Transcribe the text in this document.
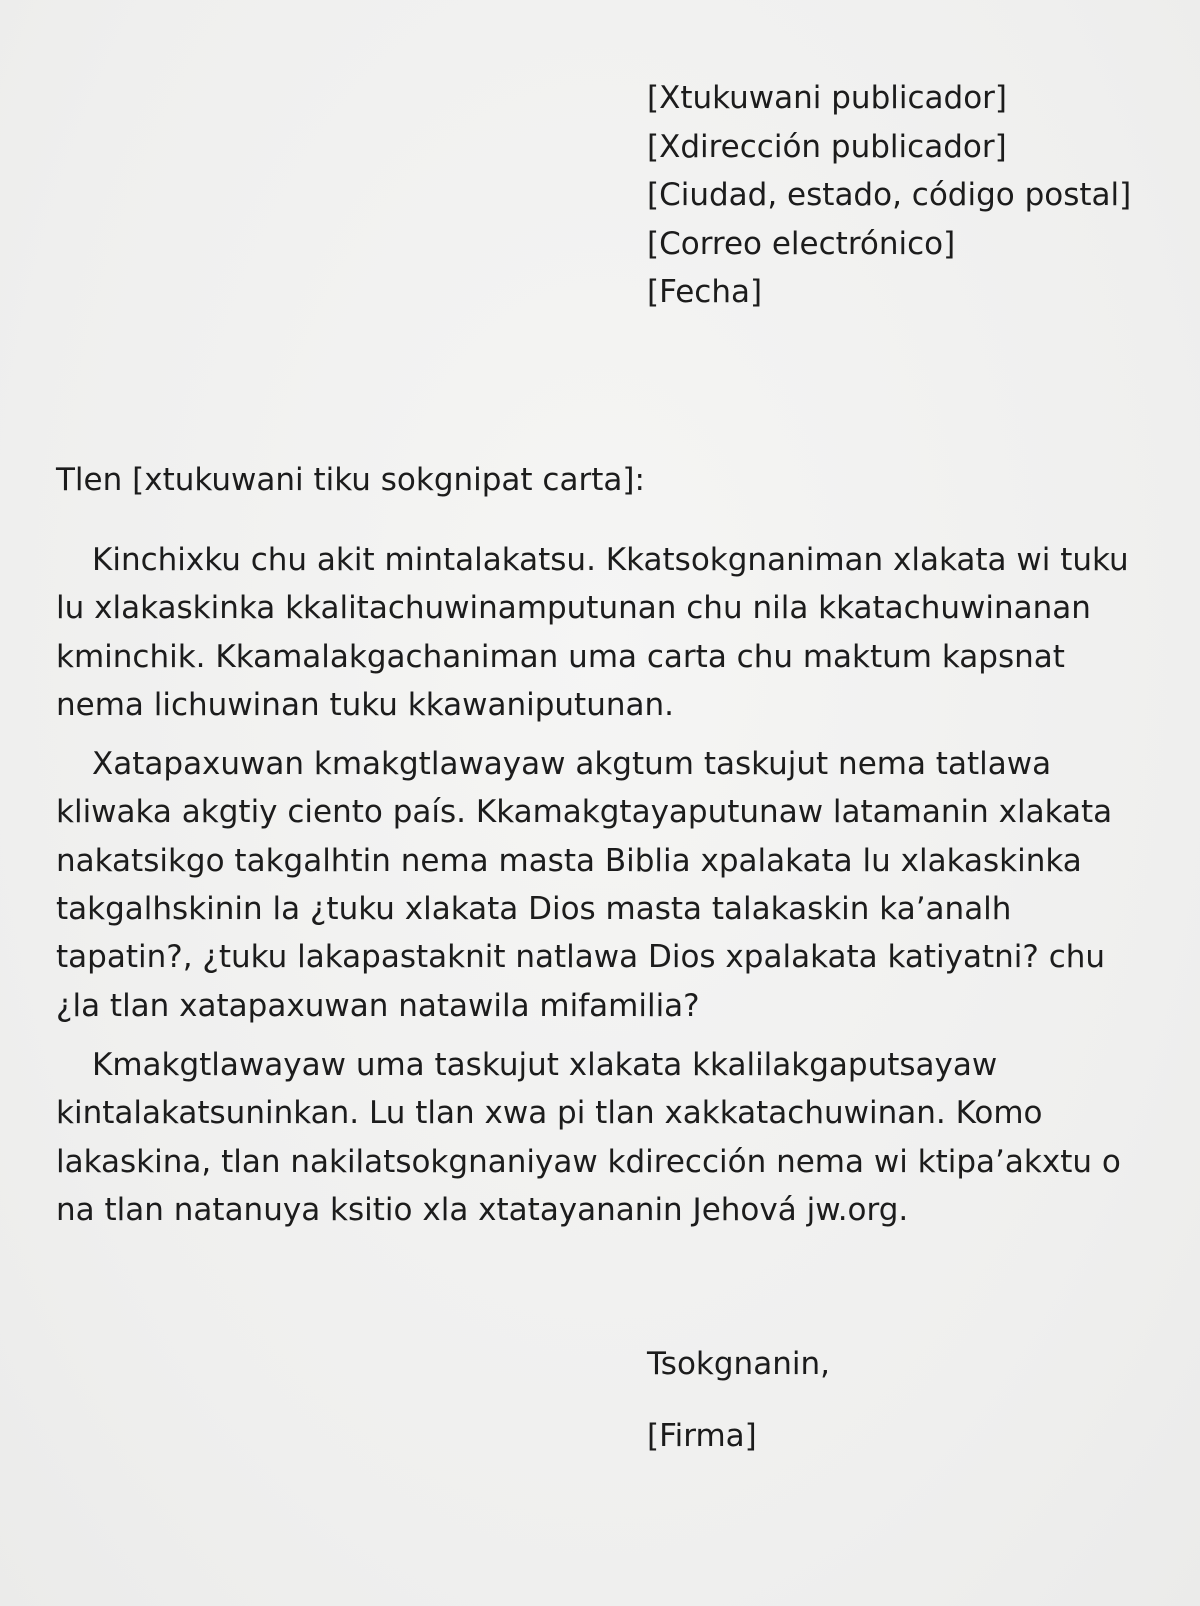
[Xtukuwani publicador]
[Xdirección publicador]
[Ciudad, estado, código postal]
[Correo electrónico]
[Fecha]
Tlen [xtukuwani tiku sokgnipat carta]:

Kinchixku chu akit mintalakatsu. Kkatsokgnaniman xlakata wi tuku lu xlakaskinka kkalitachuwinamputunan chu nila kkatachuwinanan kminchik. Kkamalakgachaniman uma carta chu maktum kapsnat nema lichuwinan tuku kkawaniputunan.

Xatapaxuwan kmakgtlawayaw akgtum taskujut nema tatlawa kliwaka akgtiy ciento país. Kkamakgtayaputunaw latamanin xlakata nakatsikgo takgalhtin nema masta Biblia xpalakata lu xlakaskinka takgalhskinin la ¿tuku xlakata Dios masta talakaskin ka’analh tapatin?, ¿tuku lakapastaknit natlawa Dios xpalakata katiyatni? chu ¿la tlan xatapaxuwan natawila mifamilia?

Kmakgtlawayaw uma taskujut xlakata kkalilakgaputsayaw kintalakatsuninkan. Lu tlan xwa pi tlan xakkatachuwinan. Komo lakaskina, tlan nakilatsokgnaniyaw kdirección nema wi ktipa’akxtu o na tlan natanuya ksitio xla xtatayananin Jehová jw.org.

Tsokgnanin,
[Firma]
